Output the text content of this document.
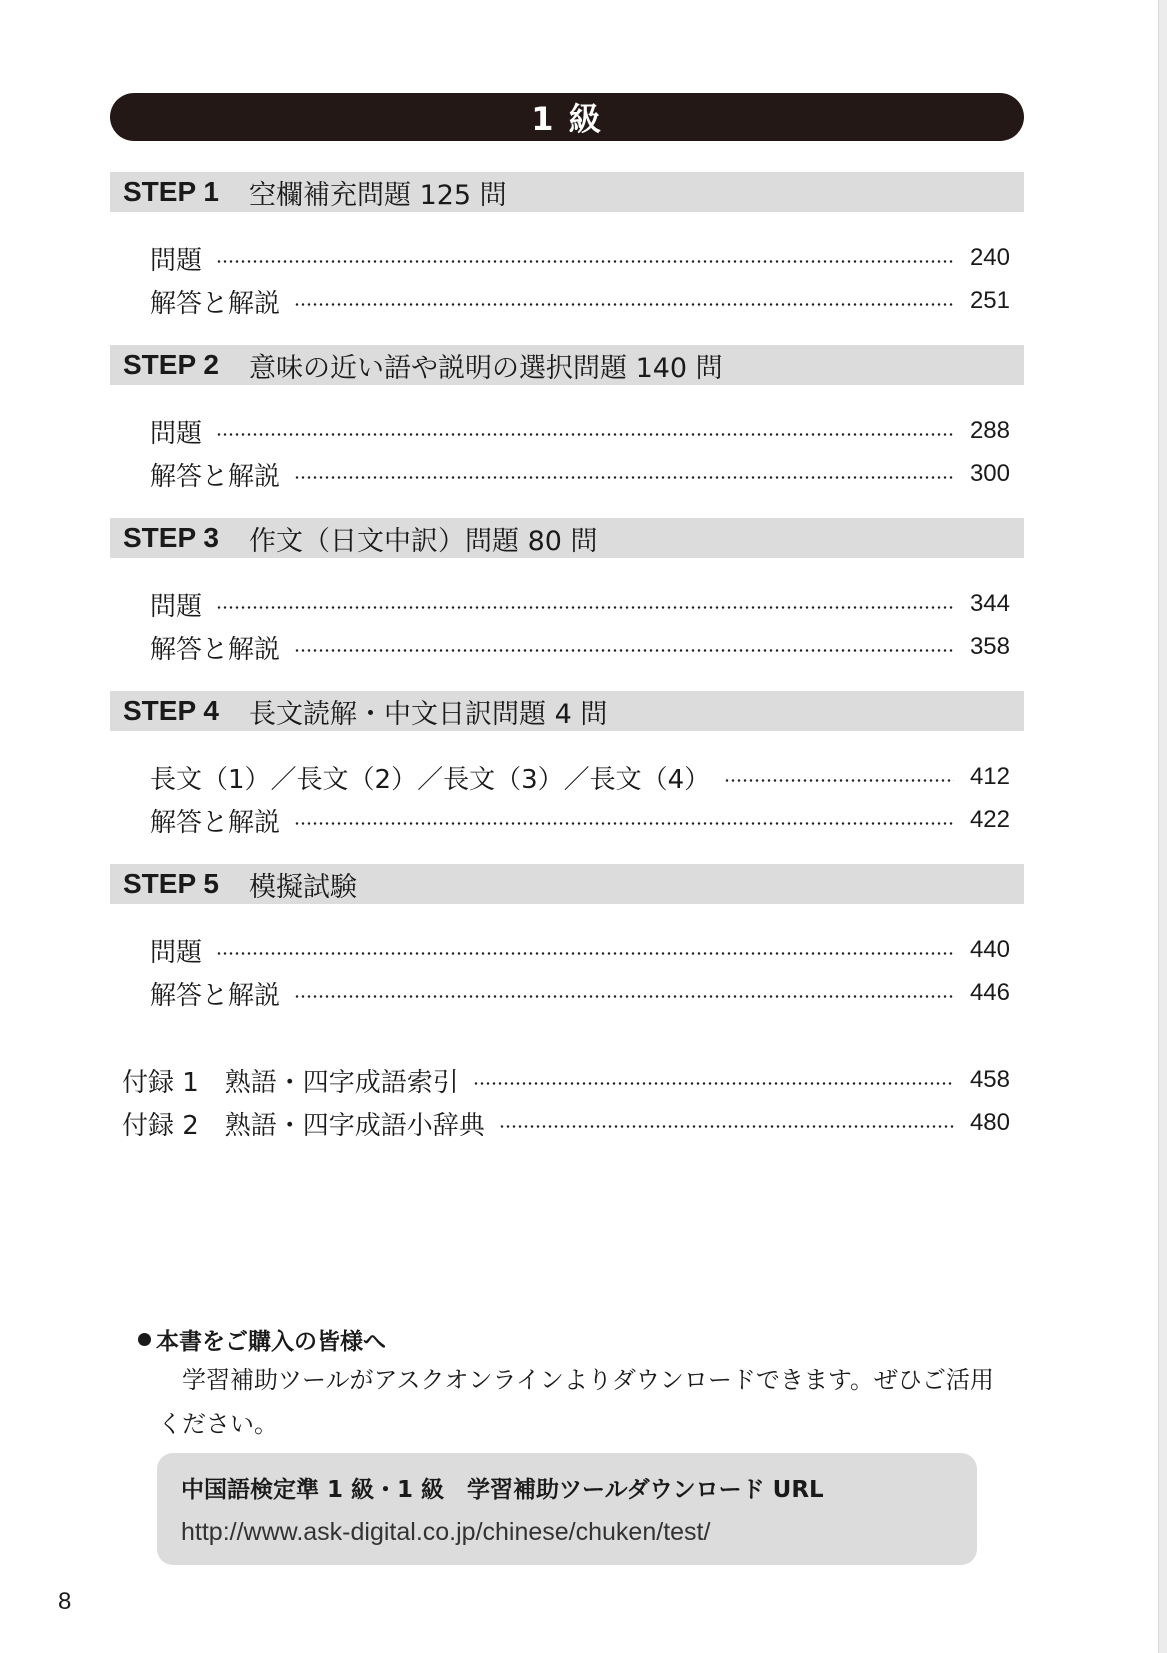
1 級
STEP 1 空欄補充問題 125 問
問題	240
解答と解説	251
STEP 2 意味の近い語や説明の選択問題 140 問
問題	288
解答と解説	300
STEP 3 作文（日文中訳）問題 80 問
問題	344
解答と解説	358
STEP 4 長文読解・中文日訳問題 4 問
長文（1）／長文（2）／長文（3）／長文（4）	412
解答と解説	422
STEP 5 模擬試験
問題	440
解答と解説	446
付録 1　熟語・四字成語索引	458
付録 2　熟語・四字成語小辞典	480
本書をご購入の皆様へ
学習補助ツールがアスクオンラインよりダウンロードできます。ぜひご活用ください。
中国語検定準 1 級・1 級　学習補助ツールダウンロード URL
http://www.ask-digital.co.jp/chinese/chuken/test/
8
